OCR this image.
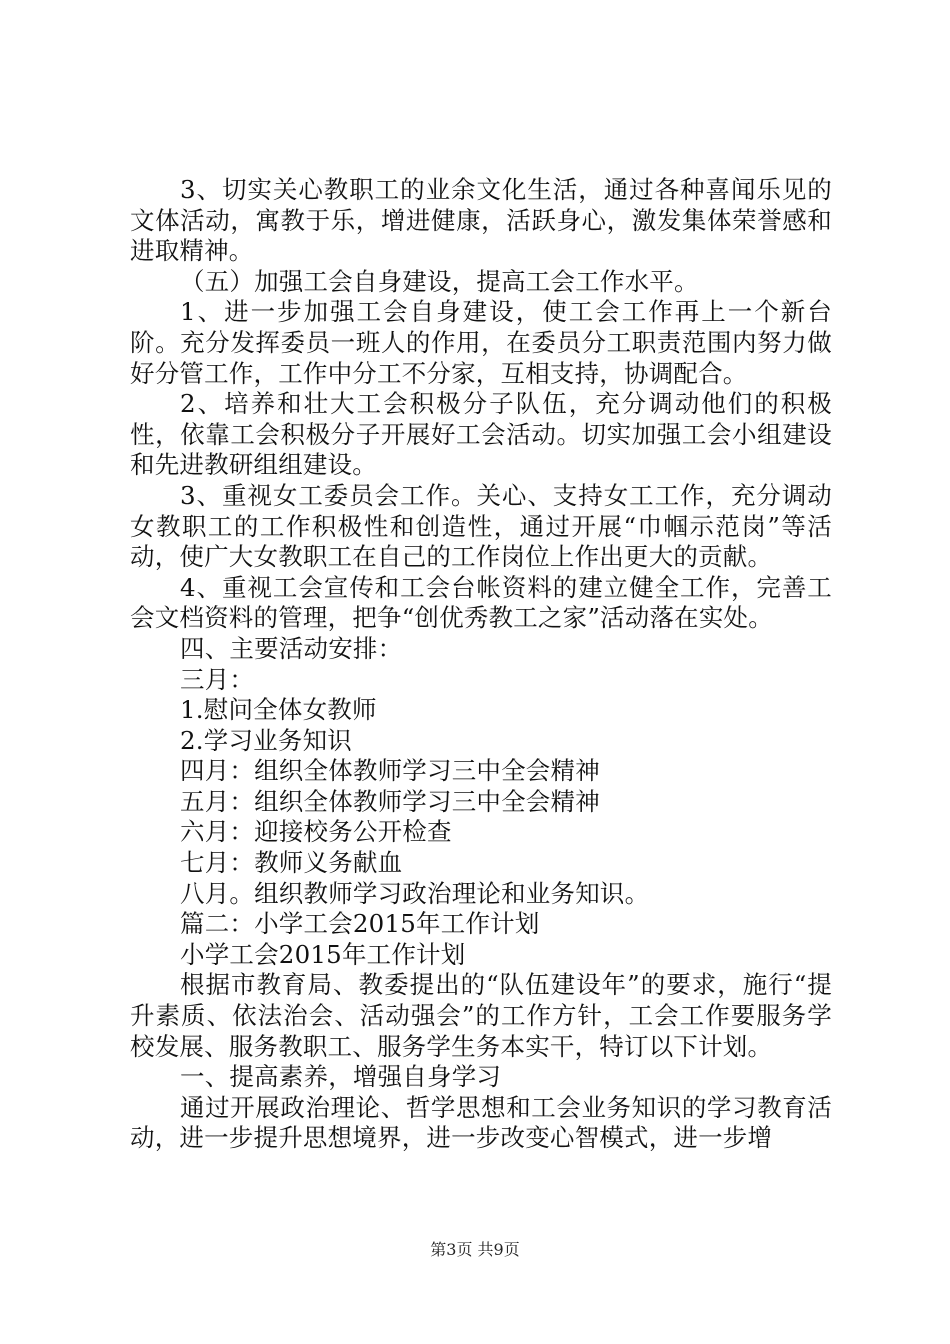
3、切实关心教职工的业余文化生活，通过各种喜闻乐见的文体活动，寓教于乐，增进健康，活跃身心，激发集体荣誉感和进取精神。

（五）加强工会自身建设，提高工会工作水平。

1、进一步加强工会自身建设，使工会工作再上一个新台阶。充分发挥委员一班人的作用，在委员分工职责范围内努力做好分管工作，工作中分工不分家，互相支持，协调配合。

2、培养和壮大工会积极分子队伍，充分调动他们的积极性，依靠工会积极分子开展好工会活动。切实加强工会小组建设和先进教研组组建设。

3、重视女工委员会工作。关心、支持女工工作，充分调动女教职工的工作积极性和创造性，通过开展“巾帼示范岗”等活动，使广大女教职工在自己的工作岗位上作出更大的贡献。

4、重视工会宣传和工会台帐资料的建立健全工作，完善工会文档资料的管理，把争“创优秀教工之家”活动落在实处。

四、主要活动安排：

三月：

1.慰问全体女教师

2.学习业务知识

四月：组织全体教师学习三中全会精神

五月：组织全体教师学习三中全会精神

六月：迎接校务公开检查

七月：教师义务献血

八月。组织教师学习政治理论和业务知识。

篇二：小学工会2015年工作计划

小学工会2015年工作计划

根据市教育局、教委提出的“队伍建设年”的要求，施行“提升素质、依法治会、活动强会”的工作方针，工会工作要服务学校发展、服务教职工、服务学生务本实干，特订以下计划。

一、提高素养，增强自身学习

通过开展政治理论、哲学思想和工会业务知识的学习教育活动，进一步提升思想境界，进一步改变心智模式，进一步增

第3页 共9页
